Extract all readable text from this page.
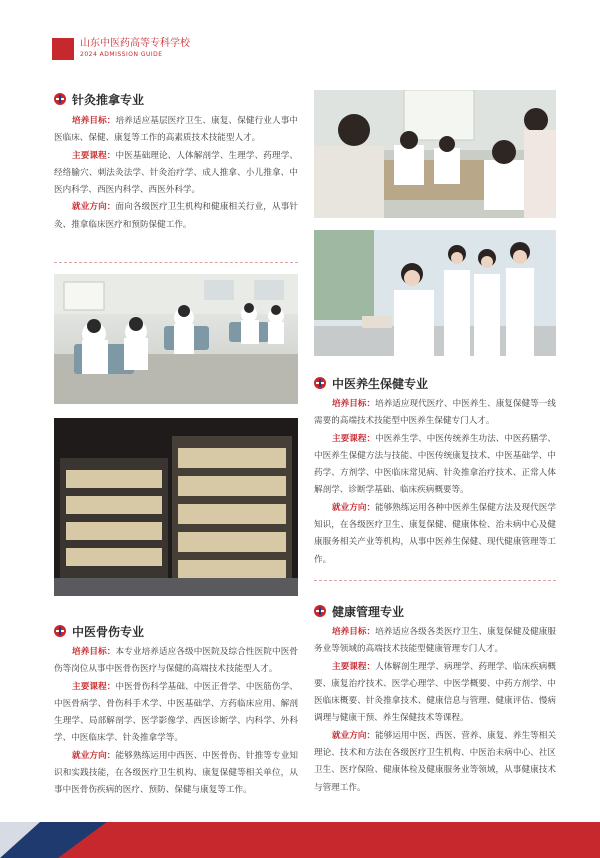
山东中医药高等专科学校
2024 ADMISSION GUIDE
针灸推拿专业

培养目标：培养适应基层医疗卫生、康复、保健行业人事中医临床、保健、康复等工作的高素质技术技能型人才。

主要课程：中医基础理论、人体解剖学、生理学、药理学、经络腧穴、刺法灸法学、针灸治疗学、成人推拿、小儿推拿、中医内科学、西医内科学、西医外科学。

就业方向：面向各级医疗卫生机构和健康相关行业，从事针灸、推拿临床医疗和预防保健工作。

中医骨伤专业

培养目标：本专业培养适应各级中医院及综合性医院中医骨伤等岗位从事中医骨伤医疗与保健的高端技术技能型人才。

主要课程：中医骨伤科学基础、中医正骨学、中医筋伤学、中医骨病学、骨伤科手术学、中医基础学、方药临床应用、解剖生理学、局部解剖学、医学影像学、西医诊断学、内科学、外科学、中医临床学、针灸推拿学等。

就业方向：能够熟练运用中西医、中医骨伤、针推等专业知识和实践技能，在各级医疗卫生机构、康复保健等相关单位，从事中医骨伤疾病的医疗、预防、保健与康复等工作。

中医养生保健专业

培养目标：培养适应现代医疗、中医养生、康复保健等一线需要的高端技术技能型中医养生保健专门人才。

主要课程：中医养生学、中医传统养生功法、中医药膳学、中医养生保健方法与技能、中医传统康复技术、中医基础学、中药学、方剂学、中医临床常见病、针灸推拿治疗技术、正常人体解剖学、诊断学基础、临床疾病概要等。

就业方向：能够熟练运用各种中医养生保健方法及现代医学知识，在各级医疗卫生、康复保健、健康体检、治未病中心及健康服务相关产业等机构，从事中医养生保健、现代健康管理等工作。

健康管理专业

培养目标：培养适应各级各类医疗卫生、康复保健及健康服务业等领域的高端技术技能型健康管理专门人才。

主要课程：人体解剖生理学、病理学、药理学、临床疾病概要、康复治疗技术、医学心理学、中医学概要、中药方剂学、中医临床概要、针灸推拿技术、健康信息与管理、健康评估、慢病调理与健康干预、养生保健技术等课程。

就业方向：能够运用中医、西医、营养、康复、养生等相关理论、技术和方法在各级医疗卫生机构、中医治未病中心、社区卫生、医疗保险、健康体检及健康服务业等领域，从事健康技术与管理工作。
